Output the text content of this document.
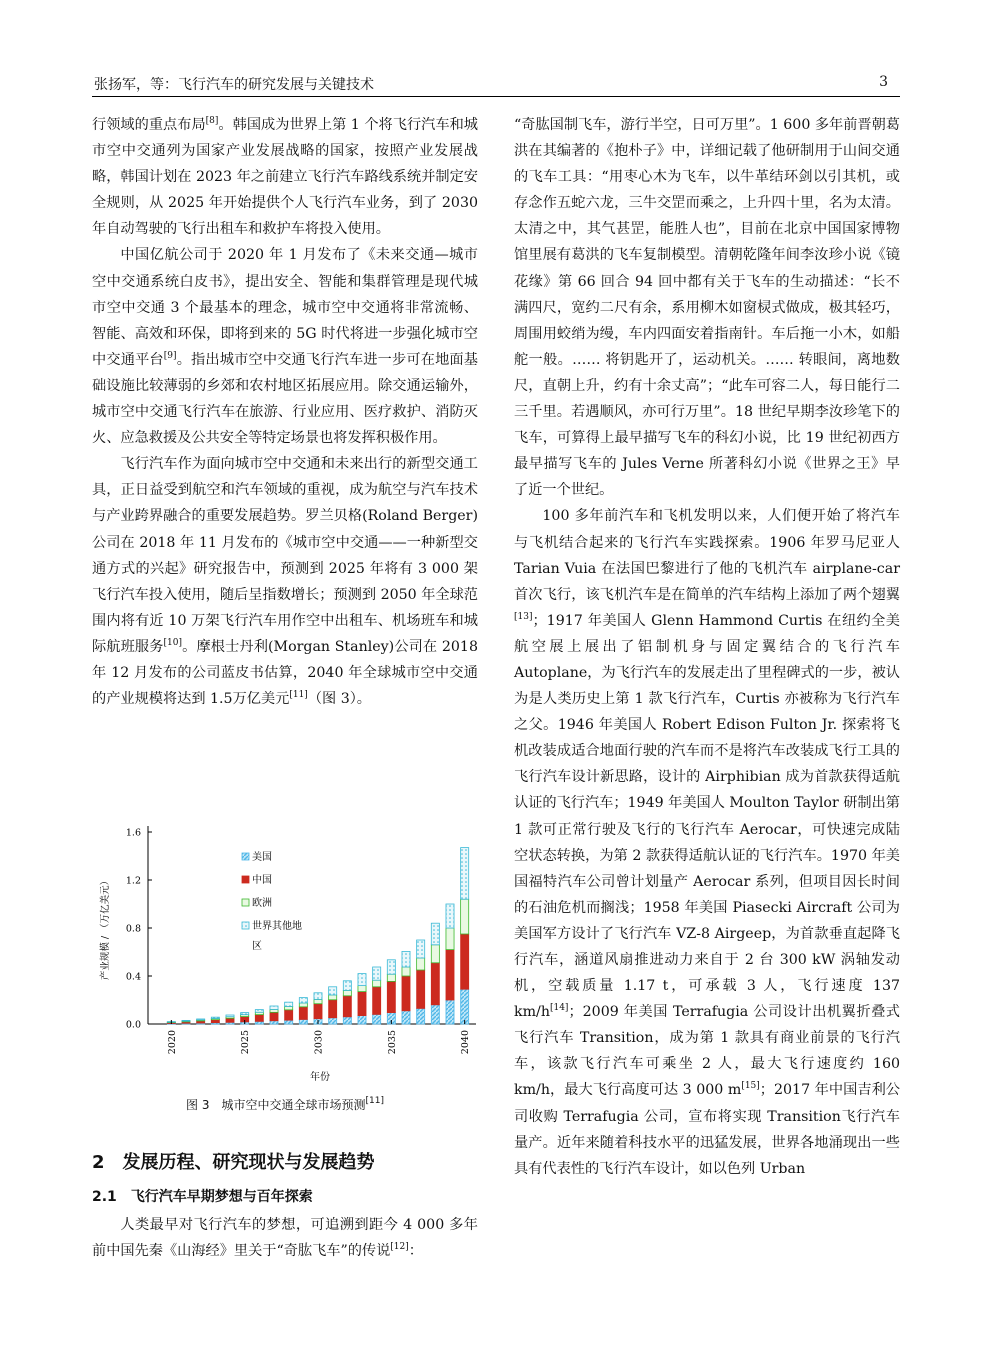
张扬军，等：飞行汽车的研究发展与关键技术	3

行领域的重点布局[8]。韩国成为世界上第 1 个将飞行汽车和城市空中交通列为国家产业发展战略的国家，按照产业发展战略，韩国计划在 2023 年之前建立飞行汽车路线系统并制定安全规则，从 2025 年开始提供个人飞行汽车业务，到了 2030 年自动驾驶的飞行出租车和救护车将投入使用。

中国亿航公司于 2020 年 1 月发布了《未来交通—城市空中交通系统白皮书》，提出安全、智能和集群管理是现代城市空中交通 3 个最基本的理念，城市空中交通将非常流畅、智能、高效和环保，即将到来的 5G 时代将进一步强化城市空中交通平台[9]。指出城市空中交通飞行汽车进一步可在地面基础设施比较薄弱的乡郊和农村地区拓展应用。除交通运输外，城市空中交通飞行汽车在旅游、行业应用、医疗救护、消防灭火、应急救援及公共安全等特定场景也将发挥积极作用。

飞行汽车作为面向城市空中交通和未来出行的新型交通工具，正日益受到航空和汽车领域的重视，成为航空与汽车技术与产业跨界融合的重要发展趋势。罗兰贝格(Roland Berger)公司在 2018 年 11 月发布的《城市空中交通——一种新型交通方式的兴起》研究报告中，预测到 2025 年将有 3 000 架飞行汽车投入使用，随后呈指数增长；预测到 2050 年全球范围内将有近 10 万架飞行汽车用作空中出租车、机场班车和城际航班服务[10]。摩根士丹利(Morgan Stanley)公司在 2018 年 12 月发布的公司蓝皮书估算，2040 年全球城市空中交通的产业规模将达到 1.5万亿美元[11]（图 3）。

0.0
0.4
0.8
1.2
1.6
产业规模 / （万亿美元）
2020	2025	2030	2035	2040
年份
美国
中国
欧洲
世界其他地
区
图 3　城市空中交通全球市场预测[11]
2　发展历程、研究现状与发展趋势
2.1　飞行汽车早期梦想与百年探索

人类最早对飞行汽车的梦想，可追溯到距今 4 000 多年前中国先秦《山海经》里关于“奇肱飞车”的传说[12]：

“奇肱国制飞车，游行半空，日可万里”。1 600 多年前晋朝葛洪在其编著的《抱朴子》中，详细记载了他研制用于山间交通的飞车工具：“用枣心木为飞车，以牛革结环剑以引其机，或存念作五蛇六龙，三牛交罡而乘之，上升四十里，名为太清。太清之中，其气甚罡，能胜人也”，目前在北京中国国家博物馆里展有葛洪的飞车复制模型。清朝乾隆年间李汝珍小说《镜花缘》第 66 回合 94 回中都有关于飞车的生动描述：“长不满四尺，宽约二尺有余，系用柳木如窗棂式做成，极其轻巧，周围用蛟绡为缦，车内四面安着指南针。车后拖一小木，如船舵一般。…… 将钥匙开了，运动机关。…… 转眼间，离地数尺，直朝上升，约有十余丈高”；“此车可容二人，每日能行二三千里。若遇顺风，亦可行万里”。18 世纪早期李汝珍笔下的飞车，可算得上最早描写飞车的科幻小说，比 19 世纪初西方最早描写飞车的 Jules Verne 所著科幻小说《世界之王》早了近一个世纪。

100 多年前汽车和飞机发明以来，人们便开始了将汽车与飞机结合起来的飞行汽车实践探索。1906 年罗马尼亚人 Tarian Vuia 在法国巴黎进行了他的飞机汽车 airplane-car 首次飞行，该飞机汽车是在简单的汽车结构上添加了两个翅翼[13]；1917 年美国人 Glenn Hammond Curtis 在纽约全美航空展上展出了铝制机身与固定翼结合的飞行汽车 Autoplane，为飞行汽车的发展走出了里程碑式的一步，被认为是人类历史上第 1 款飞行汽车，Curtis 亦被称为飞行汽车之父。1946 年美国人 Robert Edison Fulton Jr. 探索将飞机改装成适合地面行驶的汽车而不是将汽车改装成飞行工具的飞行汽车设计新思路，设计的 Airphibian 成为首款获得适航认证的飞行汽车；1949 年美国人 Moulton Taylor 研制出第 1 款可正常行驶及飞行的飞行汽车 Aerocar，可快速完成陆空状态转换，为第 2 款获得适航认证的飞行汽车。1970 年美国福特汽车公司曾计划量产 Aerocar 系列，但项目因长时间的石油危机而搁浅；1958 年美国 Piasecki Aircraft 公司为美国军方设计了飞行汽车 VZ-8 Airgeep，为首款垂直起降飞行汽车，涵道风扇推进动力来自于 2 台 300 kW 涡轴发动机，空载质量 1.17 t，可承载 3 人，飞行速度 137 km/h[14]；2009 年美国 Terrafugia 公司设计出机翼折叠式飞行汽车 Transition，成为第 1 款具有商业前景的飞行汽车，该款飞行汽车可乘坐 2 人，最大飞行速度约 160 km/h，最大飞行高度可达 3 000 m[15]；2017 年中国吉利公司收购 Terrafugia 公司，宣布将实现 Transition飞行汽车量产。近年来随着科技水平的迅猛发展，世界各地涌现出一些具有代表性的飞行汽车设计，如以色列 Urban
